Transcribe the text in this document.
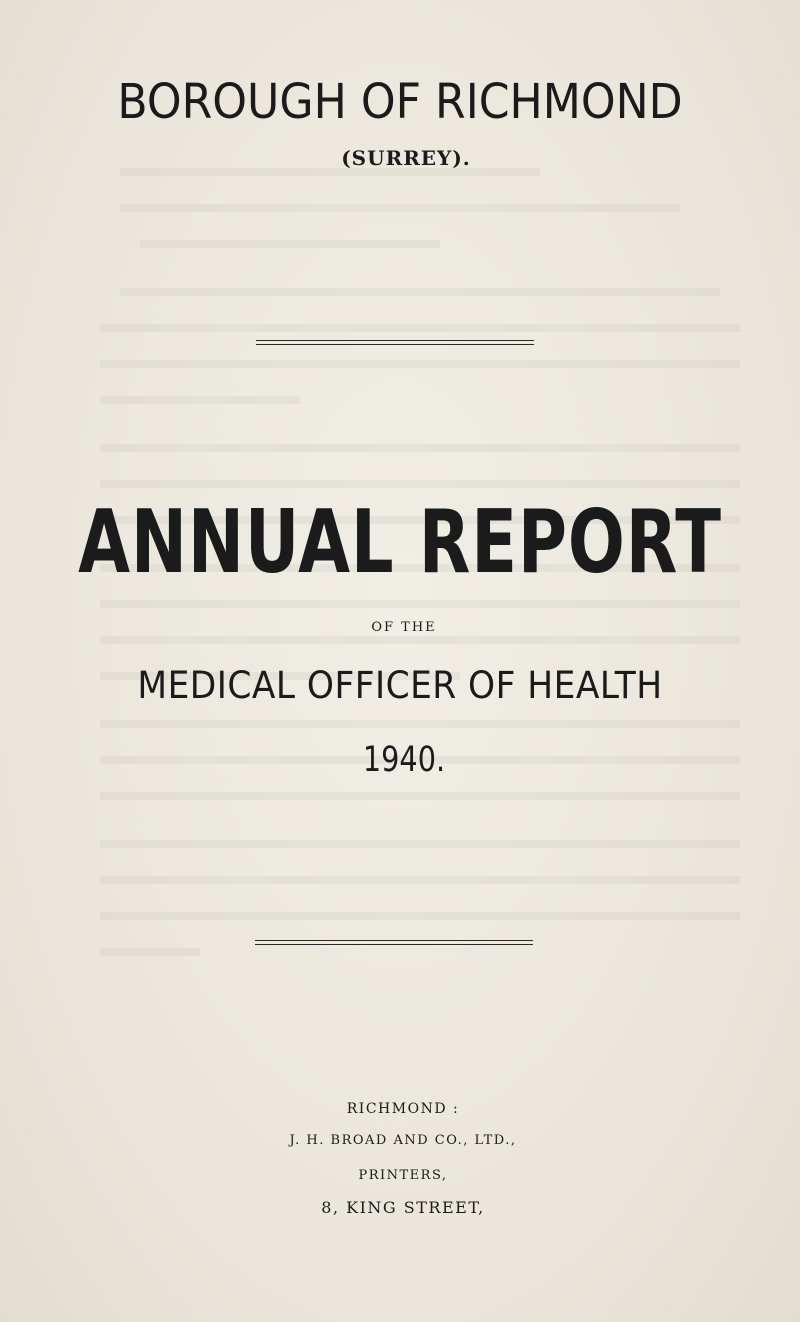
BOROUGH OF RICHMOND
(SURREY).
ANNUAL REPORT
OF THE
MEDICAL OFFICER OF HEALTH
1940.
RICHMOND :
J. H. BROAD AND CO., LTD.,
PRINTERS,
8, KING STREET,
